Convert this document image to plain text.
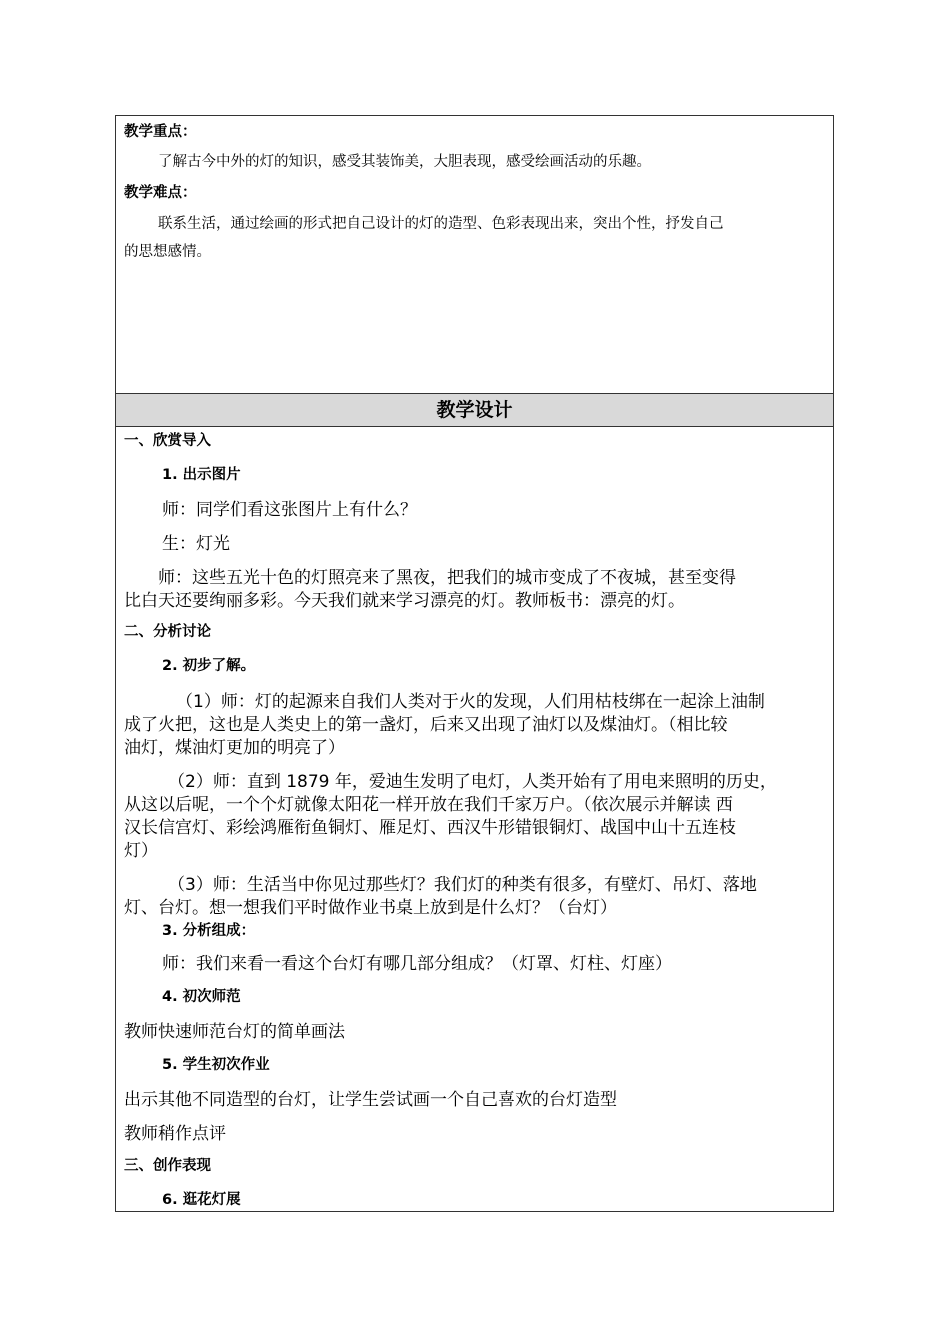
教学重点：
了解古今中外的灯的知识，感受其装饰美，大胆表现，感受绘画活动的乐趣。
教学难点：
联系生活，通过绘画的形式把自己设计的灯的造型、色彩表现出来，突出个性，抒发自己
的思想感情。
教学设计
一、欣赏导入
1. 出示图片
师：同学们看这张图片上有什么？
生：灯光
师：这些五光十色的灯照亮来了黑夜，把我们的城市变成了不夜城，甚至变得
比白天还要绚丽多彩。今天我们就来学习漂亮的灯。教师板书：漂亮的灯。
二、分析讨论
2. 初步了解。
（1）师：灯的起源来自我们人类对于火的发现，人们用枯枝绑在一起涂上油制
成了火把，这也是人类史上的第一盏灯，后来又出现了油灯以及煤油灯。（相比较
油灯，煤油灯更加的明亮了）
（2）师：直到 1879 年，爱迪生发明了电灯，人类开始有了用电来照明的历史，
从这以后呢，一个个灯就像太阳花一样开放在我们千家万户。（依次展示并解读 西
汉长信宫灯、彩绘鸿雁衔鱼铜灯、雁足灯、西汉牛形错银铜灯、战国中山十五连枝
灯）
（3）师：生活当中你见过那些灯？我们灯的种类有很多，有壁灯、吊灯、落地
灯、台灯。想一想我们平时做作业书桌上放到是什么灯？（台灯）
3. 分析组成：
师：我们来看一看这个台灯有哪几部分组成？（灯罩、灯柱、灯座）
4. 初次师范
教师快速师范台灯的简单画法
5. 学生初次作业
出示其他不同造型的台灯，让学生尝试画一个自己喜欢的台灯造型
教师稍作点评
三、创作表现
6. 逛花灯展
